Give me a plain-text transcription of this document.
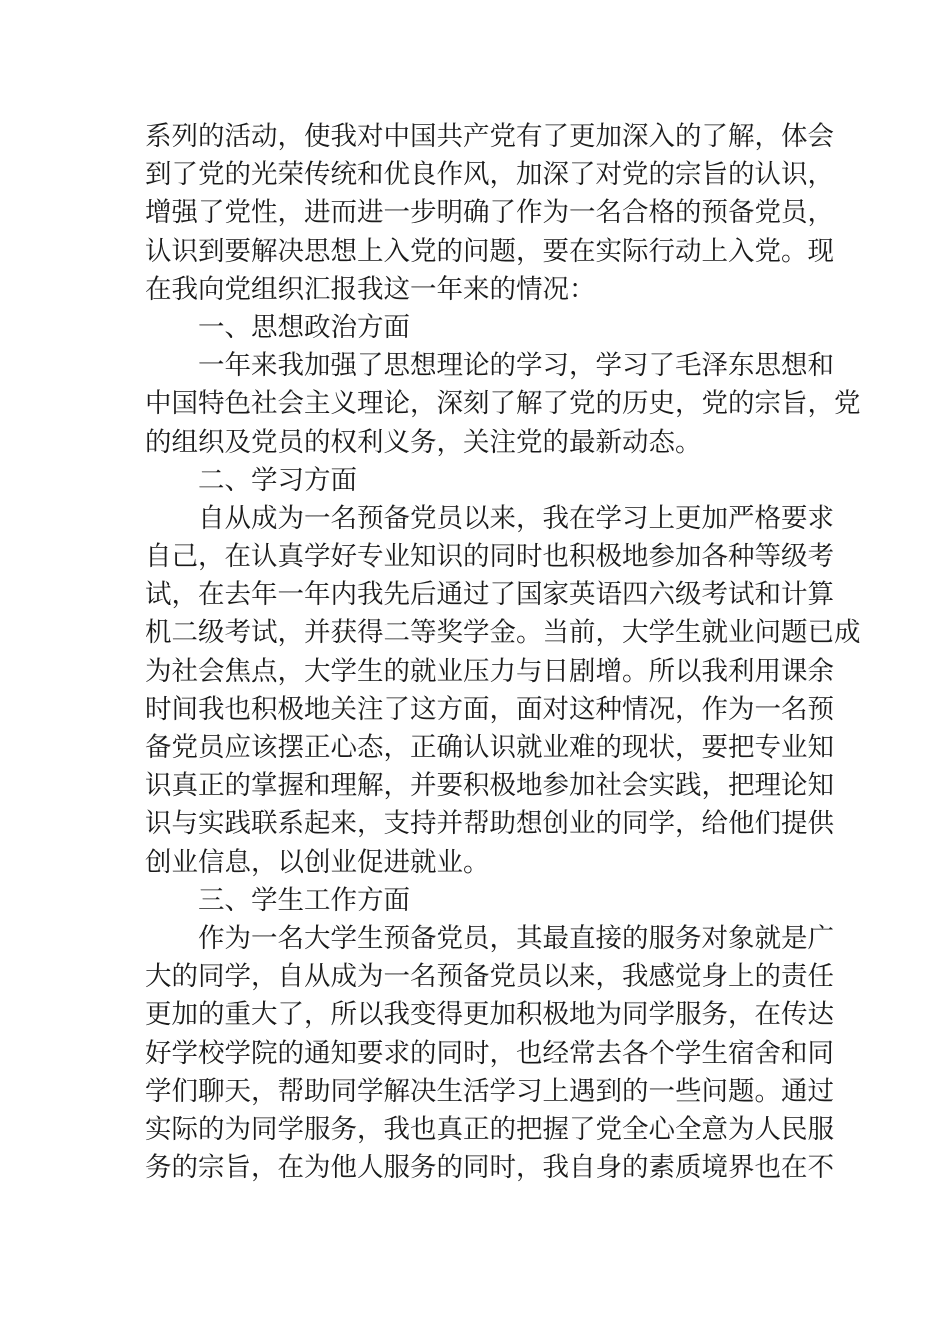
系列的活动，使我对中国共产党有了更加深入的了解，体会
到了党的光荣传统和优良作风，加深了对党的宗旨的认识，
增强了党性，进而进一步明确了作为一名合格的预备党员，
认识到要解决思想上入党的问题，要在实际行动上入党。现
在我向党组织汇报我这一年来的情况：
一、思想政治方面
一年来我加强了思想理论的学习，学习了毛泽东思想和
中国特色社会主义理论，深刻了解了党的历史，党的宗旨，党
的组织及党员的权利义务，关注党的最新动态。
二、学习方面
自从成为一名预备党员以来，我在学习上更加严格要求
自己，在认真学好专业知识的同时也积极地参加各种等级考
试，在去年一年内我先后通过了国家英语四六级考试和计算
机二级考试，并获得二等奖学金。当前，大学生就业问题已成
为社会焦点，大学生的就业压力与日剧增。所以我利用课余
时间我也积极地关注了这方面，面对这种情况，作为一名预
备党员应该摆正心态，正确认识就业难的现状，要把专业知
识真正的掌握和理解，并要积极地参加社会实践，把理论知
识与实践联系起来，支持并帮助想创业的同学，给他们提供
创业信息，以创业促进就业。
三、学生工作方面
作为一名大学生预备党员，其最直接的服务对象就是广
大的同学，自从成为一名预备党员以来，我感觉身上的责任
更加的重大了，所以我变得更加积极地为同学服务，在传达
好学校学院的通知要求的同时，也经常去各个学生宿舍和同
学们聊天，帮助同学解决生活学习上遇到的一些问题。通过
实际的为同学服务，我也真正的把握了党全心全意为人民服
务的宗旨，在为他人服务的同时，我自身的素质境界也在不
